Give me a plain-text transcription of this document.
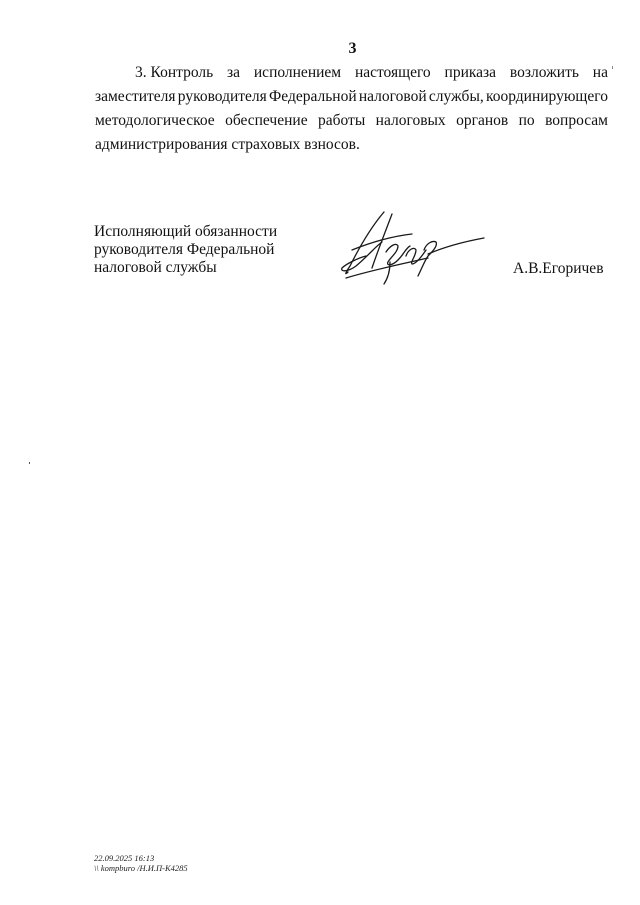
3
3. Контроль за исполнением настоящего приказа возложить на
заместителя руководителя Федеральной налоговой службы, координирующего
методологическое обеспечение работы налоговых органов по вопросам
администрирования страховых взносов.
Исполняющий обязанности
руководителя Федеральной
налоговой службы	А.В.Егоричев
22.09.2025 16:13
\\ kompburo /Н.И.П-К4285
